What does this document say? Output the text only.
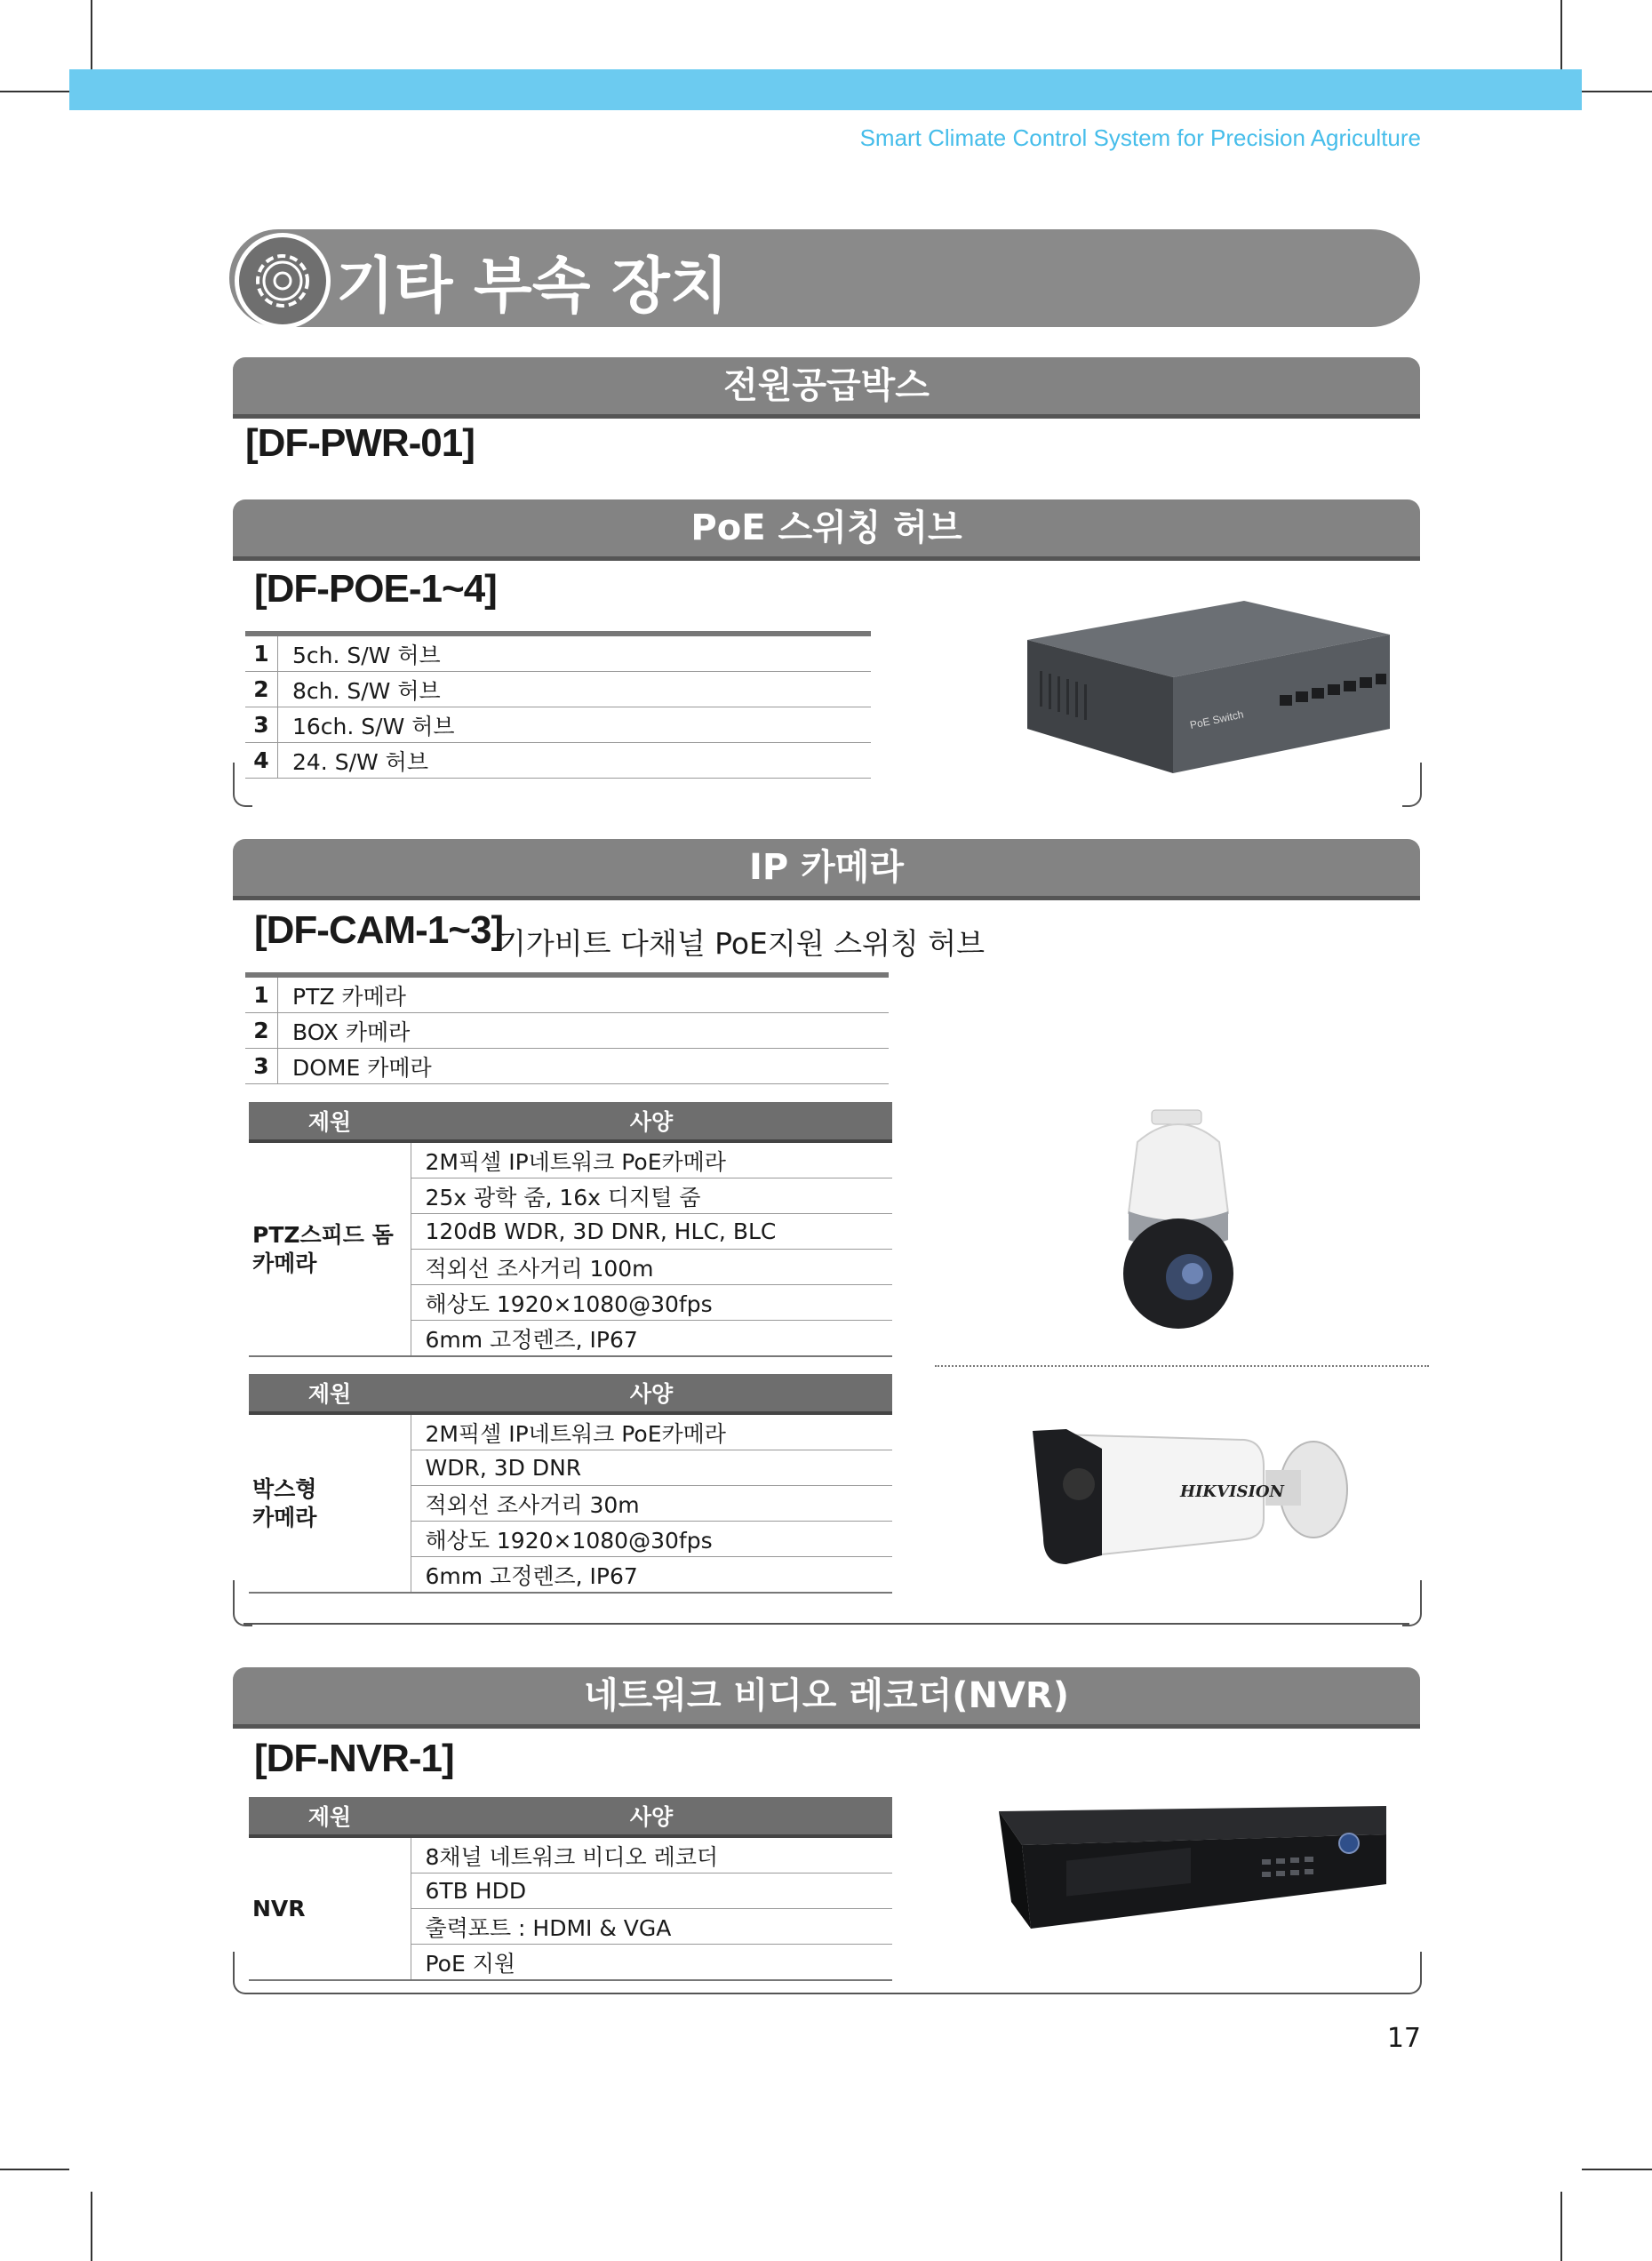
Smart Climate Control System for Precision Agriculture
기타 부속 장치
전원공급박스
[DF-PWR-01]
PoE 스위칭 허브
[DF-POE-1~4]
1	5ch. S/W 허브
2	8ch. S/W 허브
3	16ch. S/W 허브
4	24. S/W 허브
PoE Switch
IP 카메라
[DF-CAM-1~3]
기가비트 다채널 PoE지원 스위칭 허브
1	PTZ 카메라
2	BOX 카메라
3	DOME 카메라
제원	사양
PTZ스피드 돔
카메라	2M픽셀 IP네트워크 PoE카메라
	25x 광학 줌, 16x 디지털 줌
	120dB WDR, 3D DNR, HLC, BLC
	적외선 조사거리 100m
	해상도 1920×1080@30fps
	6mm 고정렌즈, IP67
제원	사양
박스형
카메라	2M픽셀 IP네트워크 PoE카메라
	WDR, 3D DNR
	적외선 조사거리 30m
	해상도 1920×1080@30fps
	6mm 고정렌즈, IP67
HIKVISION
네트워크 비디오 레코더(NVR)
[DF-NVR-1]
제원	사양
NVR	8채널 네트워크 비디오 레코더
	6TB HDD
	출력포트 : HDMI & VGA
	PoE 지원
17
